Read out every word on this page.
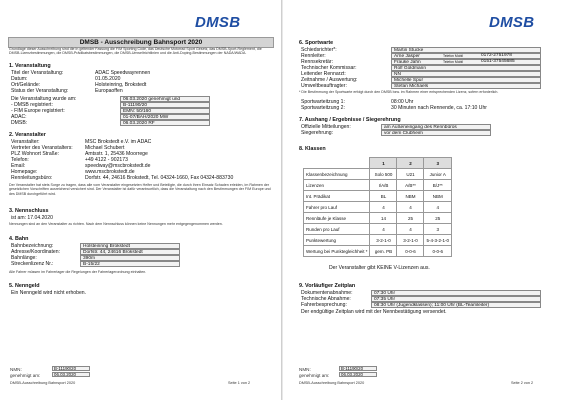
DMSB
DMSB - Ausschreibung Bahnsport 2020
Grundlage dieser Ausschreibung sind die in geltender Fassung die FIM Sporting Code, das Deutsche Motorrad Sport Gesetz, das DMSB-Sport-Reglement, die DMSB-Lizenzbestimmungen, die DMSB-Prädikatsbestimmungen, die DMSB-Umweltrichtlinien und die Anti-Doping-Bestimmungen der NADA/WADA.
1. Veranstaltung
Titel der Veranstaltung:	ADAC Speedwayrennen
Datum:	01.05.2020
Ort/Gelände:	Holsteinring, Brokstedt
Status der Veranstaltung:	Europaoffen
Die Veranstaltung wurde am:	06.03.2020 genehmigt und
- DMSB registriert:	B-11190/20
- FIM Europe registriert:	EMN: 50/160
ADAC:	01-07/BAH/2020 MW
DMSB:	06.03.2020 RF
2. Veranstalter
Veranstalter:	MSC Brokstedt e.V. im ADAC
Vertreter des Veranstalters: Michael Schubert
PLZ Wohnort Straße:	Amtsstr. 1, 25436 Moorrege
Telefon:	+49 4122 - 902173
Email:	speedway@mscbrokstedt.de
Homepage:	www.mscbrokstedt.de
Rennleitungsbüro:	Dorfstr. 44, 24616 Brokstedt, Tel. 04324-1660, Fax 04324-883730
Der Veranstalter hat stets Sorge zu tragen, dass alle vom Veranstalter eingesetzten Helfer und Beteiligte, die durch ihren Einsatz Schaden erleiden, im Rahmen der gesetzlichen Vorschriften ausreichend versichert sind. Der Veranstalter ist dafür verantwortlich, dass die Veranstaltung nach den Bestimmungen der FIM Europe und des DMSB durchgeführt wird.
3. Nennschluss
ist am: 17.04.2020
Nennungen sind an den Veranstalter zu richten. Nach dem Nennschluss können keine Nennungen mehr entgegengenommen werden.
4. Bahn
Bahnbezeichnung:	Holsteinring Brokstedt
Adresse/Koordinaten:	Dorfstr. 44, 24616 Brokstedt
Bahnlänge:	390m
Streckenlizenz Nr.:	B-15/22
Alle Fahrer müssen im Fahrerlager die Regelungen der Fahrerlagerordnung einhalten.
5. Nenngeld
Ein Nenngeld wird nicht erhoben.
NMN:	B-11190/20
genehmigt am:	06.03.2020
DMSB-Ausschreibung Bahnsport 2020	Seite 1 von 2
DMSB
6. Sportwarte
Schiedsrichter*:	Martin Stucke
Rennleiter:	Arne Jasper	Telefon Mobil	0172-2751978
Rennsekretär:	Frauke Jahn	Telefon Mobil	0151-37545685
Technischer Kommissar:	Rolf Goldmann
Leitender Rennarzt:	NN
Zeitnahme / Auswertung:	Michelle Spur
Umweltbeauftragter:	Stefan Michaels
* Die Bestimmung der Sportwarte erfolgt durch den DMSB bzw. im Rahmen einer entsprechenden Lizenz, sofern erforderlich.
Sportwarteitzung 1:	08:00 Uhr
Sportwarteitzung 2:	30 Minuten nach Rennende, ca. 17:10 Uhr
7. Aushang / Ergebnisse / Siegerehrung
Offizielle Mitteilungen:	am Außeneingang des Rennbüros
Siegerehrung:	vor dem Clubheim
8. Klassen
	1	2	3
Klassenbezeichnung	Solo 500	U21	Junior A
Lizenzen	I/A/B	A/B**	B/J**
Int. Prädikat	BL	NBM	NBM
Fahrer pro Lauf	4	4	4
Rennläufe je Klasse	14	25	25
Runden pro Lauf	4	4	3
Punktewertung	3-2-1-0	3-2-1-0	5-4-3-2-1-0
Wertung bei Punktegleichheit *	gem. PB	0-0-6	0-0-6
Der Veranstalter gibt KEINE V-Lizenzen aus.
9. Vorläufiger Zeitplan
Dokumentenabnahme:	07:30 Uhr
Technische Abnahme:	07:35 Uhr
Fahrerbesprechung:	08:30 Uhr (Jugendklassen); 11:00 Uhr (BL-Teamleiter)
Der endgültige Zeitplan wird mit der Nennbestätigung versendet.
NMN:	B-11190/20
genehmigt am:	06.03.2020
DMSB-Ausschreibung Bahnsport 2020	Seite 2 von 2
